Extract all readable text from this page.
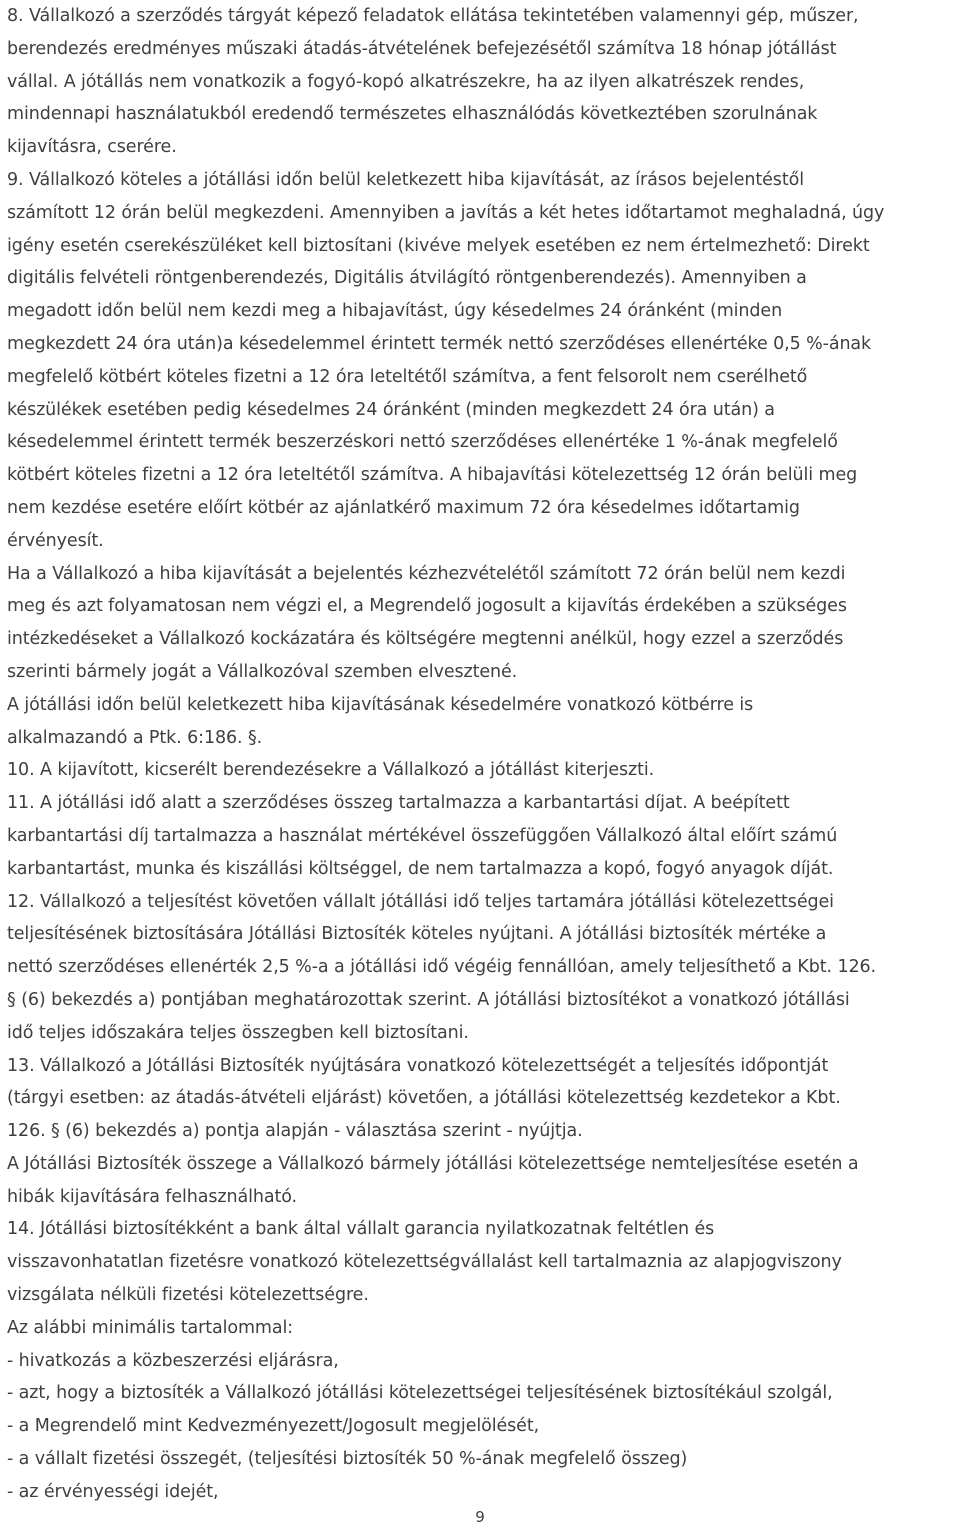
8. Vállalkozó a szerződés tárgyát képező feladatok ellátása tekintetében valamennyi gép, műszer,
berendezés eredményes műszaki átadás-átvételének befejezésétől számítva 18 hónap jótállást
vállal. A jótállás nem vonatkozik a fogyó-kopó alkatrészekre, ha az ilyen alkatrészek rendes,
mindennapi használatukból eredendő természetes elhasználódás következtében szorulnának
kijavításra, cserére.
9. Vállalkozó köteles a jótállási időn belül keletkezett hiba kijavítását, az írásos bejelentéstől
számított 12 órán belül megkezdeni. Amennyiben a javítás a két hetes időtartamot meghaladná, úgy
igény esetén cserekészüléket kell biztosítani (kivéve melyek esetében ez nem értelmezhető: Direkt
digitális felvételi röntgenberendezés, Digitális átvilágító röntgenberendezés). Amennyiben a
megadott időn belül nem kezdi meg a hibajavítást, úgy késedelmes 24 óránként (minden
megkezdett 24 óra után)a késedelemmel érintett termék nettó szerződéses ellenértéke 0,5 %-ának
megfelelő kötbért köteles fizetni a 12 óra leteltétől számítva, a fent felsorolt nem cserélhető
készülékek esetében pedig késedelmes 24 óránként (minden megkezdett 24 óra után) a
késedelemmel érintett termék beszerzéskori nettó szerződéses ellenértéke 1 %-ának megfelelő
kötbért köteles fizetni a 12 óra leteltétől számítva. A hibajavítási kötelezettség 12 órán belüli meg
nem kezdése esetére előírt kötbér az ajánlatkérő maximum 72 óra késedelmes időtartamig
érvényesít.
Ha a Vállalkozó a hiba kijavítását a bejelentés kézhezvételétől számított 72 órán belül nem kezdi
meg és azt folyamatosan nem végzi el, a Megrendelő jogosult a kijavítás érdekében a szükséges
intézkedéseket a Vállalkozó kockázatára és költségére megtenni anélkül, hogy ezzel a szerződés
szerinti bármely jogát a Vállalkozóval szemben elvesztené.
A jótállási időn belül keletkezett hiba kijavításának késedelmére vonatkozó kötbérre is
alkalmazandó a Ptk. 6:186. §.
10. A kijavított, kicserélt berendezésekre a Vállalkozó a jótállást kiterjeszti.
11. A jótállási idő alatt a szerződéses összeg tartalmazza a karbantartási díjat. A beépített
karbantartási díj tartalmazza a használat mértékével összefüggően Vállalkozó által előírt számú
karbantartást, munka és kiszállási költséggel, de nem tartalmazza a kopó, fogyó anyagok díját.
12. Vállalkozó a teljesítést követően vállalt jótállási idő teljes tartamára jótállási kötelezettségei
teljesítésének biztosítására Jótállási Biztosíték köteles nyújtani. A jótállási biztosíték mértéke a
nettó szerződéses ellenérték 2,5 %-a a jótállási idő végéig fennállóan, amely teljesíthető a Kbt. 126.
§ (6) bekezdés a) pontjában meghatározottak szerint. A jótállási biztosítékot a vonatkozó jótállási
idő teljes időszakára teljes összegben kell biztosítani.
13. Vállalkozó a Jótállási Biztosíték nyújtására vonatkozó kötelezettségét a teljesítés időpontját
(tárgyi esetben: az átadás-átvételi eljárást) követően, a jótállási kötelezettség kezdetekor a Kbt.
126. § (6) bekezdés a) pontja alapján - választása szerint - nyújtja.
A Jótállási Biztosíték összege a Vállalkozó bármely jótállási kötelezettsége nemteljesítése esetén a
hibák kijavítására felhasználható.
14. Jótállási biztosítékként a bank által vállalt garancia nyilatkozatnak feltétlen és
visszavonhatatlan fizetésre vonatkozó kötelezettségvállalást kell tartalmaznia az alapjogviszony
vizsgálata nélküli fizetési kötelezettségre.
Az alábbi minimális tartalommal:
- hivatkozás a közbeszerzési eljárásra,
- azt, hogy a biztosíték a Vállalkozó jótállási kötelezettségei teljesítésének biztosítékául szolgál,
- a Megrendelő mint Kedvezményezett/Jogosult megjelölését,
- a vállalt fizetési összegét, (teljesítési biztosíték 50 %-ának megfelelő összeg)
- az érvényességi idejét,
9
